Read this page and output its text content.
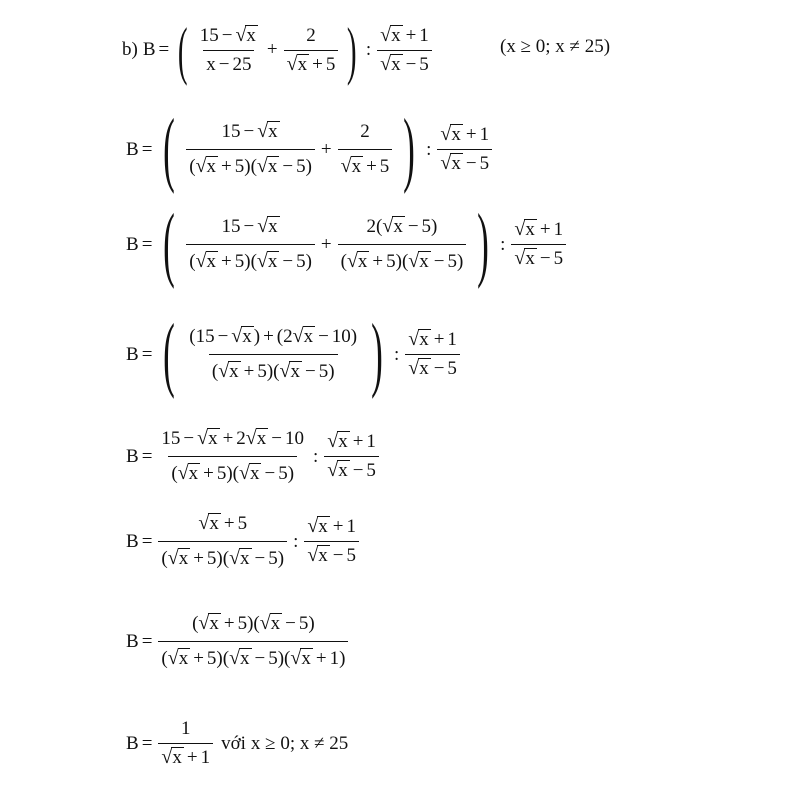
b) B = ( $\frac{15 - √ x}{x - 25} + \frac{2}{√ x + 5}$ ) : $\frac{√ x + 1}{√ x - 5}$	(x ≥ 0; x ≠ 25)
B = ( $\frac{15 - √ x}{( √ x + 5)( √ x - 5)} + \frac{2}{√ x + 5}$ ) : $\frac{√ x + 1}{√ x - 5}$
B = ( $\frac{15 - √ x}{( √ x + 5)( √ x - 5)} + \frac{2( √ x - 5)}{( √ x + 5)( √ x - 5)}$ ) : $\frac{√ x + 1}{√ x - 5}$
B = ( $\frac{(15 - √ x ) + (2 √ x - 10)}{( √ x + 5)( √ x - 5)}$ ) : $\frac{√ x + 1}{√ x - 5}$
$B = \frac{15 - √ x + 2 √ x - 10}{( √ x + 5)( √ x - 5)}$ : $\frac{√ x + 1}{√ x - 5}$
$B = \frac{√ x + 5}{( √ x + 5)( √ x - 5)}$ : $\frac{√ x + 1}{√ x - 5}$
$B = \frac{( √ x + 5)( √ x - 5)}{( √ x + 5)( √ x - 5)( √ x + 1)}$
$B = \frac{1}{√ x + 1}$ với x ≥ 0; x ≠ 25
